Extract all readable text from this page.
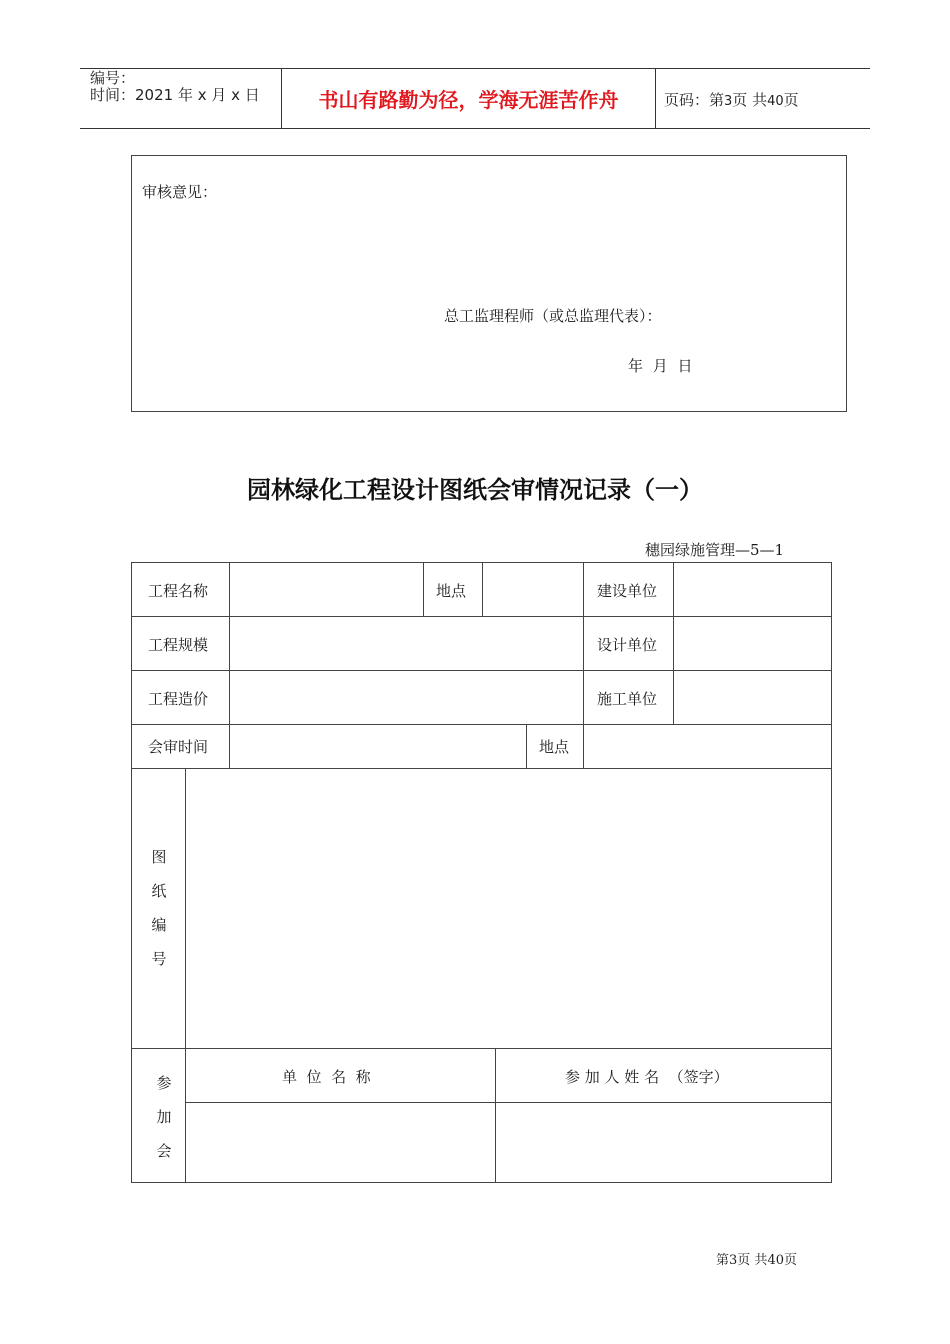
编号：
时间：2021 年 x 月 x 日	书山有路勤为径，学海无涯苦作舟	页码：第3页 共40页
审核意见：
总工监理程师（或总监理代表）：
年 月 日
园林绿化工程设计图纸会审情况记录（一）
穗园绿施管理—5—1
工程名称	地点	建设单位
工程规模	设计单位
工程造价	施工单位
会审时间	地点
图
纸
编
号
参
加
会
单  位  名  称	参 加 人 姓 名  （签字）
第3页 共40页
